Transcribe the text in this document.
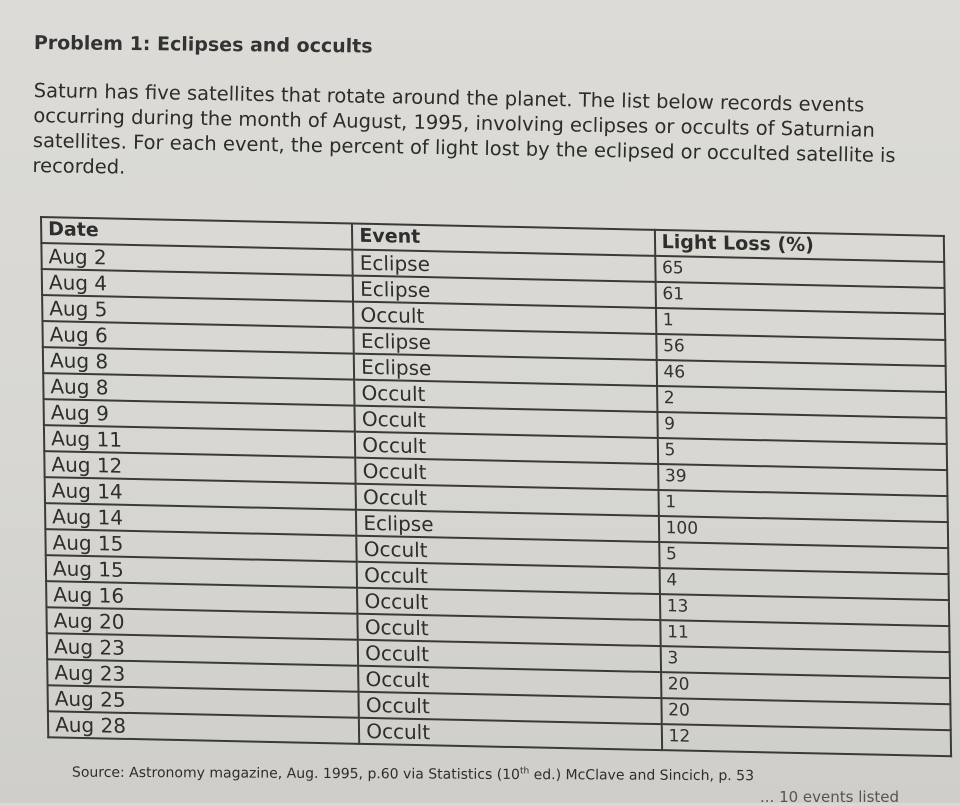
Problem 1: Eclipses and occults
Saturn has five satellites that rotate around the planet. The list below records events occurring during the month of August, 1995, involving eclipses or occults of Saturnian satellites. For each event, the percent of light lost by the eclipsed or occulted satellite is recorded.
Date	Event	Light Loss (%)
Aug 2	Eclipse	65
Aug 4	Eclipse	61
Aug 5	Occult	1
Aug 6	Eclipse	56
Aug 8	Eclipse	46
Aug 8	Occult	2
Aug 9	Occult	9
Aug 11	Occult	5
Aug 12	Occult	39
Aug 14	Occult	1
Aug 14	Eclipse	100
Aug 15	Occult	5
Aug 15	Occult	4
Aug 16	Occult	13
Aug 20	Occult	11
Aug 23	Occult	3
Aug 23	Occult	20
Aug 25	Occult	20
Aug 28	Occult	12
Source: Astronomy magazine, Aug. 1995, p.60 via Statistics (10th ed.) McClave and Sincich, p. 53
... 10 events listed
